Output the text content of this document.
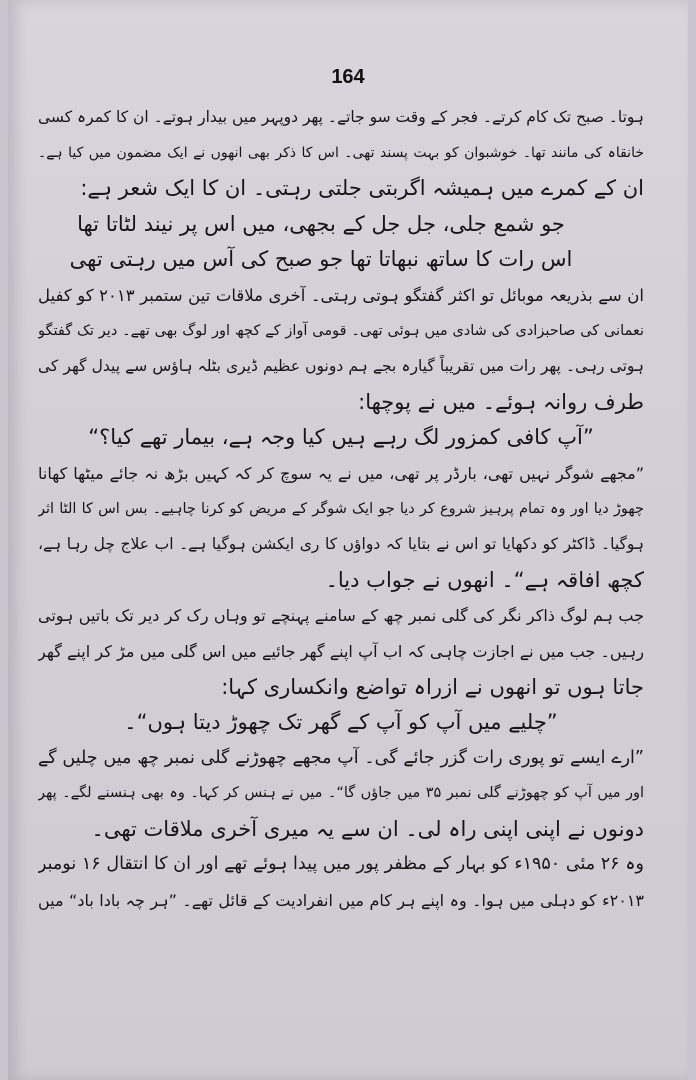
164
ہوتا۔ صبح تک کام کرتے۔ فجر کے وقت سو جاتے۔ پھر دوپہر میں بیدار ہوتے۔ ان کا کمرہ کسی
خانقاہ کی مانند تھا۔ خوشبوان کو بہت پسند تھی۔ اس کا ذکر بھی انھوں نے ایک مضمون میں کیا ہے۔
ان کے کمرے میں ہمیشہ اگربتی جلتی رہتی۔ ان کا ایک شعر ہے:
جو شمع جلی، جل جل کے بجھی، میں اس پر نیند لٹاتا تھا
اس رات کا ساتھ نبھاتا تھا جو صبح کی آس میں رہتی تھی
ان سے بذریعہ موبائل تو اکثر گفتگو ہوتی رہتی۔ آخری ملاقات تین ستمبر ۲۰۱۳ کو کفیل
نعمانی کی صاحبزادی کی شادی میں ہوئی تھی۔ قومی آواز کے کچھ اور لوگ بھی تھے۔ دیر تک گفتگو
ہوتی رہی۔ پھر رات میں تقریباً گیارہ بجے ہم دونوں عظیم ڈیری بٹلہ ہاؤس سے پیدل گھر کی
طرف روانہ ہوئے۔ میں نے پوچھا:
”آپ کافی کمزور لگ رہے ہیں کیا وجہ ہے، بیمار تھے کیا؟“
”مجھے شوگر نہیں تھی، بارڈر پر تھی، میں نے یہ سوچ کر کہ کہیں بڑھ نہ جائے میٹھا کھانا
چھوڑ دیا اور وہ تمام پرہیز شروع کر دیا جو ایک شوگر کے مریض کو کرنا چاہیے۔ بس اس کا الٹا اثر
ہوگیا۔ ڈاکٹر کو دکھایا تو اس نے بتایا کہ دواؤں کا ری ایکشن ہوگیا ہے۔ اب علاج چل رہا ہے،
کچھ افاقہ ہے“۔ انھوں نے جواب دیا۔
جب ہم لوگ ذاکر نگر کی گلی نمبر چھ کے سامنے پہنچے تو وہاں رک کر دیر تک باتیں ہوتی
رہیں۔ جب میں نے اجازت چاہی کہ اب آپ اپنے گھر جائیے میں اس گلی میں مڑ کر اپنے گھر
جاتا ہوں تو انھوں نے ازراہ تواضع وانکساری کہا:
”چلیے میں آپ کو آپ کے گھر تک چھوڑ دیتا ہوں“۔
”ارے ایسے تو پوری رات گزر جائے گی۔ آپ مجھے چھوڑنے گلی نمبر چھ میں چلیں گے
اور میں آپ کو چھوڑنے گلی نمبر ۳۵ میں جاؤں گا“۔ میں نے ہنس کر کہا۔ وہ بھی ہنسنے لگے۔ پھر
دونوں نے اپنی اپنی راہ لی۔ ان سے یہ میری آخری ملاقات تھی۔
وہ ۲۶ مئی ۱۹۵۰ء کو بہار کے مظفر پور میں پیدا ہوئے تھے اور ان کا انتقال ۱۶ نومبر
۲۰۱۳ء کو دہلی میں ہوا۔ وہ اپنے ہر کام میں انفرادیت کے قائل تھے۔ ”ہر چہ بادا باد“ میں
